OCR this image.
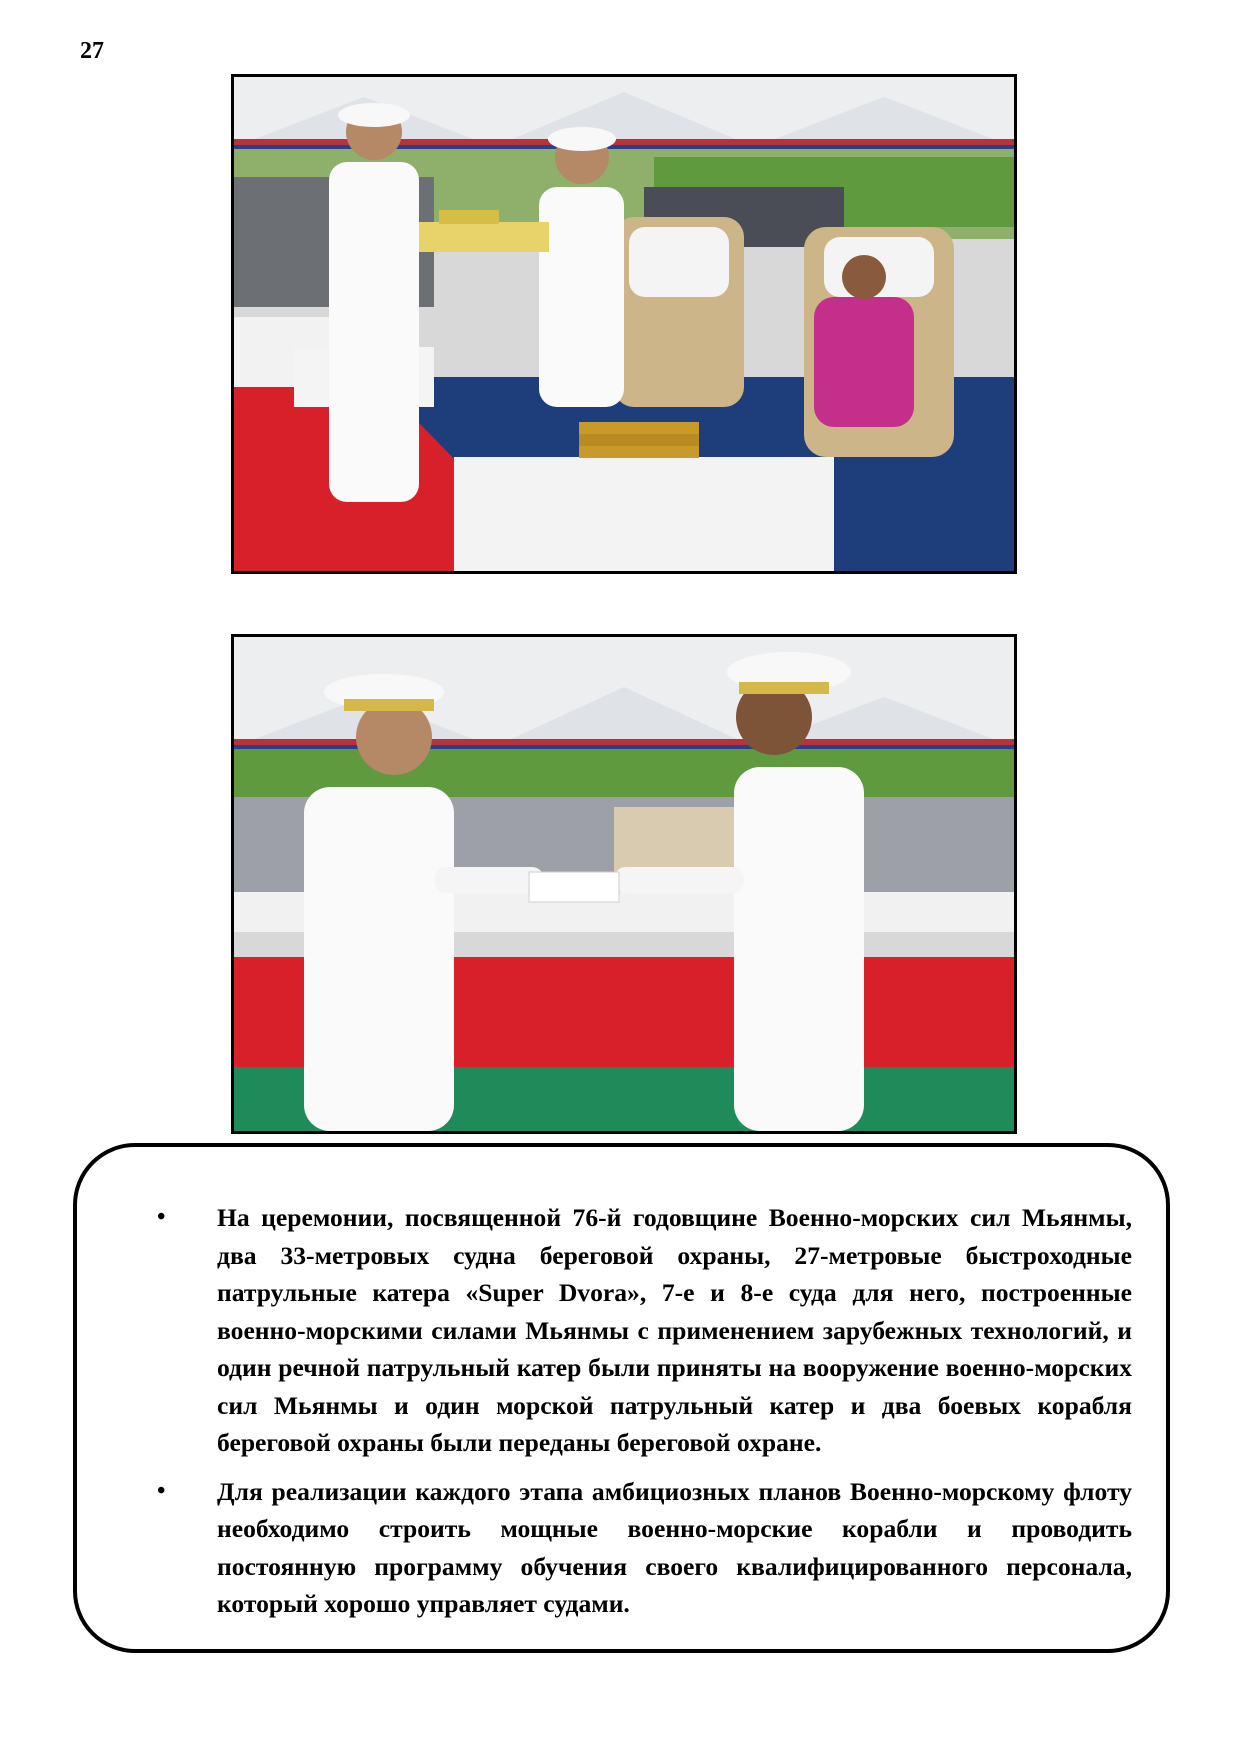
27
• На церемонии, посвященной 76-й годовщине Военно-морских сил Мьянмы, два 33-метровых судна береговой охраны, 27-метровые быстроходные патрульные катера «Super Dvora», 7-е и 8-е суда для него, построенные военно-морскими силами Мьянмы с применением зарубежных технологий, и один речной патрульный катер были приняты на вооружение военно-морских сил Мьянмы и один морской патрульный катер и два боевых корабля береговой охраны были переданы береговой охране.
• Для реализации каждого этапа амбициозных планов Военно-морскому флоту необходимо строить мощные военно-морские корабли и проводить постоянную программу обучения своего квалифицированного персонала, который хорошо управляет судами.
